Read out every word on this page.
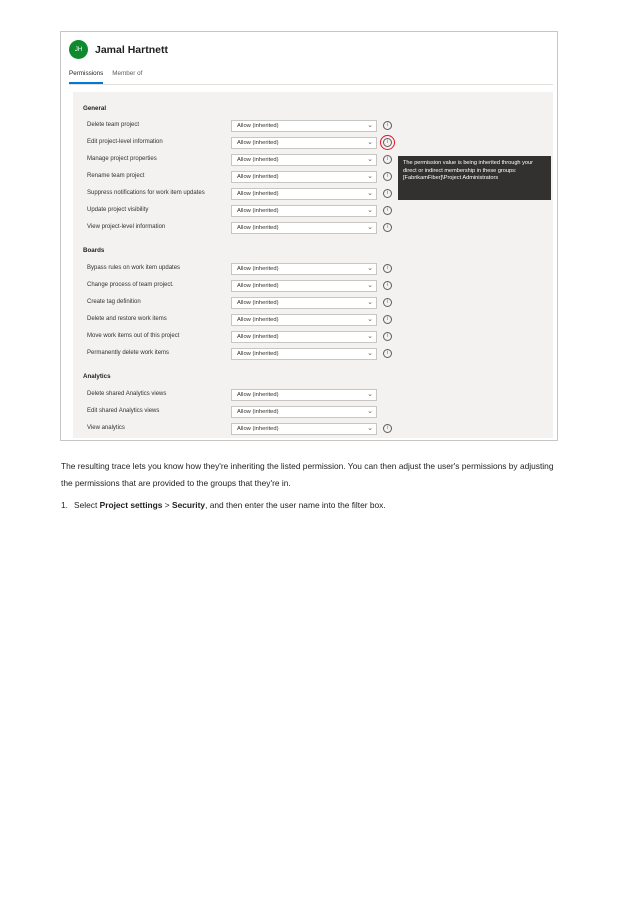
JH	Jamal Hartnett
Permissions Member of
General
Delete team project	Allow (inherited)	⌄	i
Edit project-level information	Allow (inherited)	⌄	i
Manage project properties	Allow (inherited)	⌄	i
Rename team project	Allow (inherited)	⌄	i
Suppress notifications for work item updates	Allow (inherited)	⌄	i
Update project visibility	Allow (inherited)	⌄	i
View project-level information	Allow (inherited)	⌄	i
Boards
Bypass rules on work item updates	Allow (inherited)	⌄	i
Change process of team project.	Allow (inherited)	⌄	i
Create tag definition	Allow (inherited)	⌄	i
Delete and restore work items	Allow (inherited)	⌄	i
Move work items out of this project	Allow (inherited)	⌄	i
Permanently delete work items	Allow (inherited)	⌄	i
Analytics
Delete shared Analytics views	Allow (inherited)	⌄
Edit shared Analytics views	Allow (inherited)	⌄
View analytics	Allow (inherited)	⌄	i
The permission value is being inherited through your direct or indirect membership in these groups:
[FabrikamFiber]\Project Administrators
The resulting trace lets you know how they're inheriting the listed permission. You can then adjust the user's permissions by adjusting the permissions that are provided to the groups that they're in.
1. Select Project settings > Security, and then enter the user name into the filter box.
